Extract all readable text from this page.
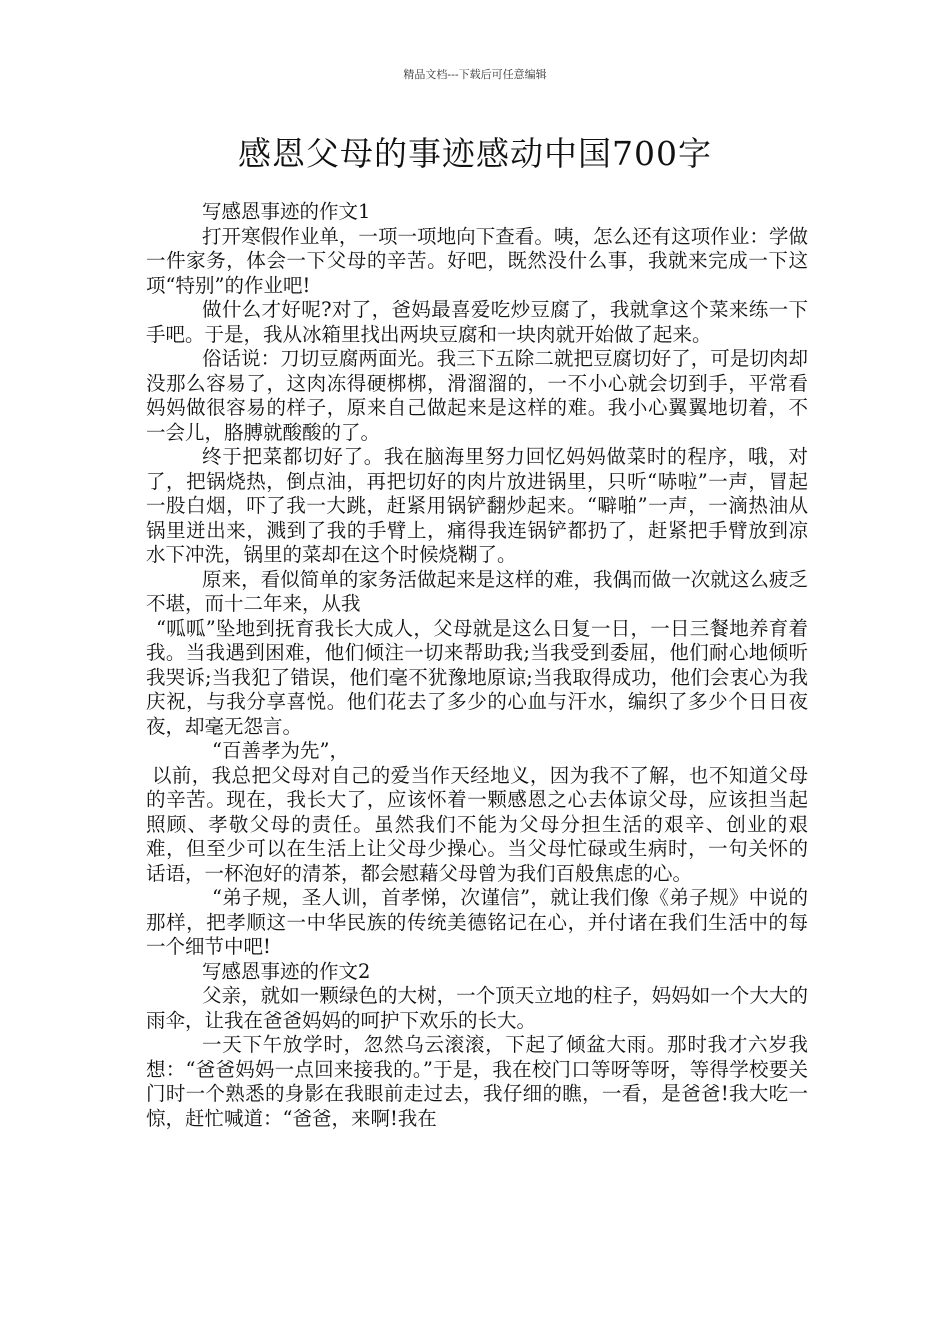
精品文档---下载后可任意编辑
感恩父母的事迹感动中国700字

写感恩事迹的作文1

打开寒假作业单，一项一项地向下查看。咦，怎么还有这项作业：学做一件家务，体会一下父母的辛苦。好吧，既然没什么事，我就来完成一下这项“特别”的作业吧!

做什么才好呢?对了，爸妈最喜爱吃炒豆腐了，我就拿这个菜来练一下手吧。于是，我从冰箱里找出两块豆腐和一块肉就开始做了起来。

俗话说：刀切豆腐两面光。我三下五除二就把豆腐切好了，可是切肉却没那么容易了，这肉冻得硬梆梆，滑溜溜的，一不小心就会切到手，平常看妈妈做很容易的样子，原来自己做起来是这样的难。我小心翼翼地切着，不一会儿，胳膊就酸酸的了。

终于把菜都切好了。我在脑海里努力回忆妈妈做菜时的程序，哦，对了，把锅烧热，倒点油，再把切好的肉片放进锅里，只听“哧啦”一声，冒起一股白烟，吓了我一大跳，赶紧用锅铲翻炒起来。“噼啪”一声，一滴热油从锅里迸出来，溅到了我的手臂上，痛得我连锅铲都扔了，赶紧把手臂放到凉水下冲洗，锅里的菜却在这个时候烧糊了。

原来，看似简单的家务活做起来是这样的难，我偶而做一次就这么疲乏不堪，而十二年来，从我

“呱呱”坠地到抚育我长大成人，父母就是这么日复一日，一日三餐地养育着我。当我遇到困难，他们倾注一切来帮助我;当我受到委屈，他们耐心地倾听我哭诉;当我犯了错误，他们毫不犹豫地原谅;当我取得成功，他们会衷心为我庆祝，与我分享喜悦。他们花去了多少的心血与汗水，编织了多少个日日夜夜，却毫无怨言。

“百善孝为先”，

以前，我总把父母对自己的爱当作天经地义，因为我不了解，也不知道父母的辛苦。现在，我长大了，应该怀着一颗感恩之心去体谅父母，应该担当起照顾、孝敬父母的责任。虽然我们不能为父母分担生活的艰辛、创业的艰难，但至少可以在生活上让父母少操心。当父母忙碌或生病时，一句关怀的话语，一杯泡好的清茶，都会慰藉父母曾为我们百般焦虑的心。

“弟子规，圣人训，首孝悌，次谨信”，就让我们像《弟子规》中说的那样，把孝顺这一中华民族的传统美德铭记在心，并付诸在我们生活中的每一个细节中吧!

写感恩事迹的作文2

父亲，就如一颗绿色的大树，一个顶天立地的柱子，妈妈如一个大大的雨伞，让我在爸爸妈妈的呵护下欢乐的长大。

一天下午放学时，忽然乌云滚滚，下起了倾盆大雨。那时我才六岁我想：“爸爸妈妈一点回来接我的。”于是，我在校门口等呀等呀，等得学校要关门时一个熟悉的身影在我眼前走过去，我仔细的瞧，一看，是爸爸!我大吃一惊，赶忙喊道：“爸爸，来啊!我在
